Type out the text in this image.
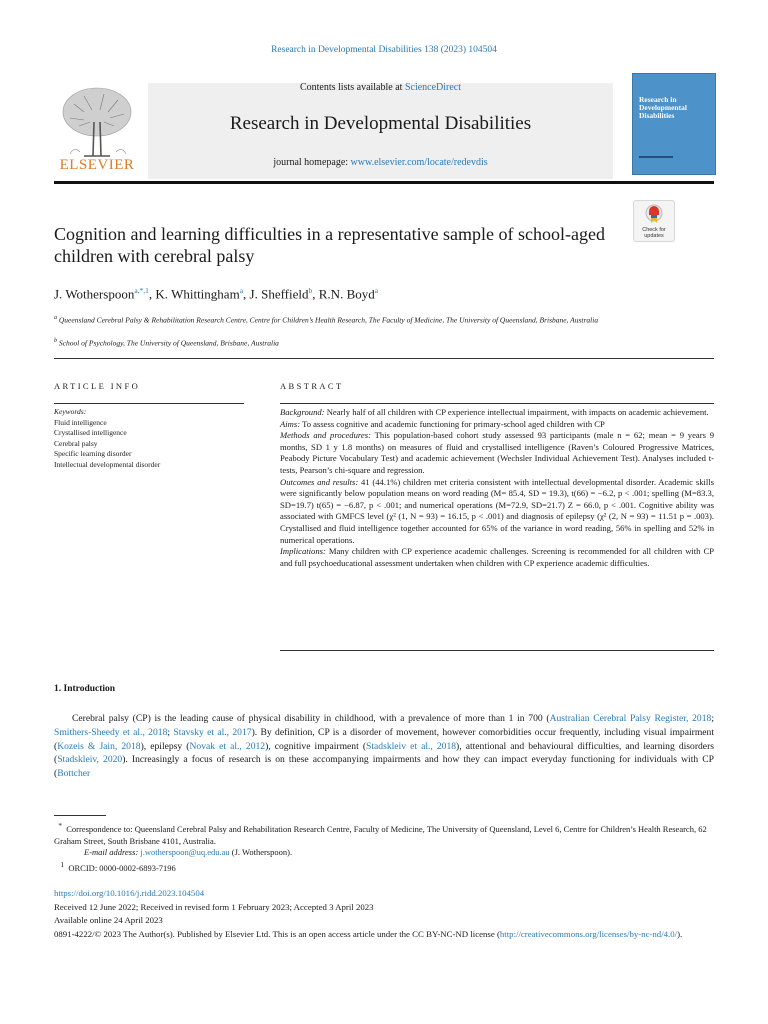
Research in Developmental Disabilities 138 (2023) 104504
Contents lists available at ScienceDirect
Research in Developmental Disabilities
journal homepage: www.elsevier.com/locate/redevdis
ELSEVIER
Research in Developmental Disabilities
Cognition and learning difficulties in a representative sample of school-aged children with cerebral palsy
Check for updates
J. Wotherspoon$^{a,*,1}$, K. Whittingham$^a$, J. Sheffield$^b$, R.N. Boyd$^a$
$^a$ Queensland Cerebral Palsy & Rehabilitation Research Centre, Centre for Children’s Health Research, The Faculty of Medicine, The University of Queensland, Brisbane, Australia
$^b$ School of Psychology, The University of Queensland, Brisbane, Australia
ARTICLE INFO
Keywords:
Fluid intelligence
Crystallised intelligence
Cerebral palsy
Specific learning disorder
Intellectual developmental disorder
ABSTRACT

Background: Nearly half of all children with CP experience intellectual impairment, with impacts on academic achievement.

Aims: To assess cognitive and academic functioning for primary-school aged children with CP

Methods and procedures: This population-based cohort study assessed 93 participants (male n = 62; mean = 9 years 9 months, SD 1 y 1.8 months) on measures of fluid and crystallised intelligence (Raven’s Coloured Progressive Matrices, Peabody Picture Vocabulary Test) and academic achievement (Wechsler Individual Achievement Test). Analyses included t-tests, Pearson’s chi-square and regression.

Outcomes and results: 41 (44.1%) children met criteria consistent with intellectual developmental disorder. Academic skills were significantly below population means on word reading (M= 85.4, SD = 19.3), t(66) = −6.2, p < .001; spelling (M=83.3, SD=19.7) t(65) = −6.87, p < .001; and numerical operations (M=72.9, SD=21.7) Z = 66.0, p < .001. Cognitive ability was associated with GMFCS level (χ² (1, N = 93) = 16.15, p < .001) and diagnosis of epilepsy (χ² (2, N = 93) = 11.51 p = .003). Crystallised and fluid intelligence together accounted for 65% of the variance in word reading, 56% in spelling and 52% in numerical operations.

Implications: Many children with CP experience academic challenges. Screening is recommended for all children with CP and full psychoeducational assessment undertaken when children with CP experience academic difficulties.

1. Introduction
Cerebral palsy (CP) is the leading cause of physical disability in childhood, with a prevalence of more than 1 in 700 (Australian Cerebral Palsy Register, 2018; Smithers-Sheedy et al., 2018; Stavsky et al., 2017). By definition, CP is a disorder of movement, however comorbidities occur frequently, including visual impairment (Kozeis & Jain, 2018), epilepsy (Novak et al., 2012), cognitive impairment (Stadskleiv et al., 2018), attentional and behavioural difficulties, and learning disorders (Stadskleiv, 2020). Increasingly a focus of research is on these accompanying impairments and how they can impact everyday functioning for individuals with CP (Bottcher
* Correspondence to: Queensland Cerebral Palsy and Rehabilitation Research Centre, Faculty of Medicine, The University of Queensland, Level 6, Centre for Children’s Health Research, 62 Graham Street, South Brisbane 4101, Australia.
E-mail address: j.wotherspoon@uq.edu.au (J. Wotherspoon).
$^1$ ORCID: 0000-0002-6893-7196
https://doi.org/10.1016/j.ridd.2023.104504
Received 12 June 2022; Received in revised form 1 February 2023; Accepted 3 April 2023
Available online 24 April 2023
0891-4222/© 2023 The Author(s). Published by Elsevier Ltd. This is an open access article under the CC BY-NC-ND license (http://creativecommons.org/licenses/by-nc-nd/4.0/).
